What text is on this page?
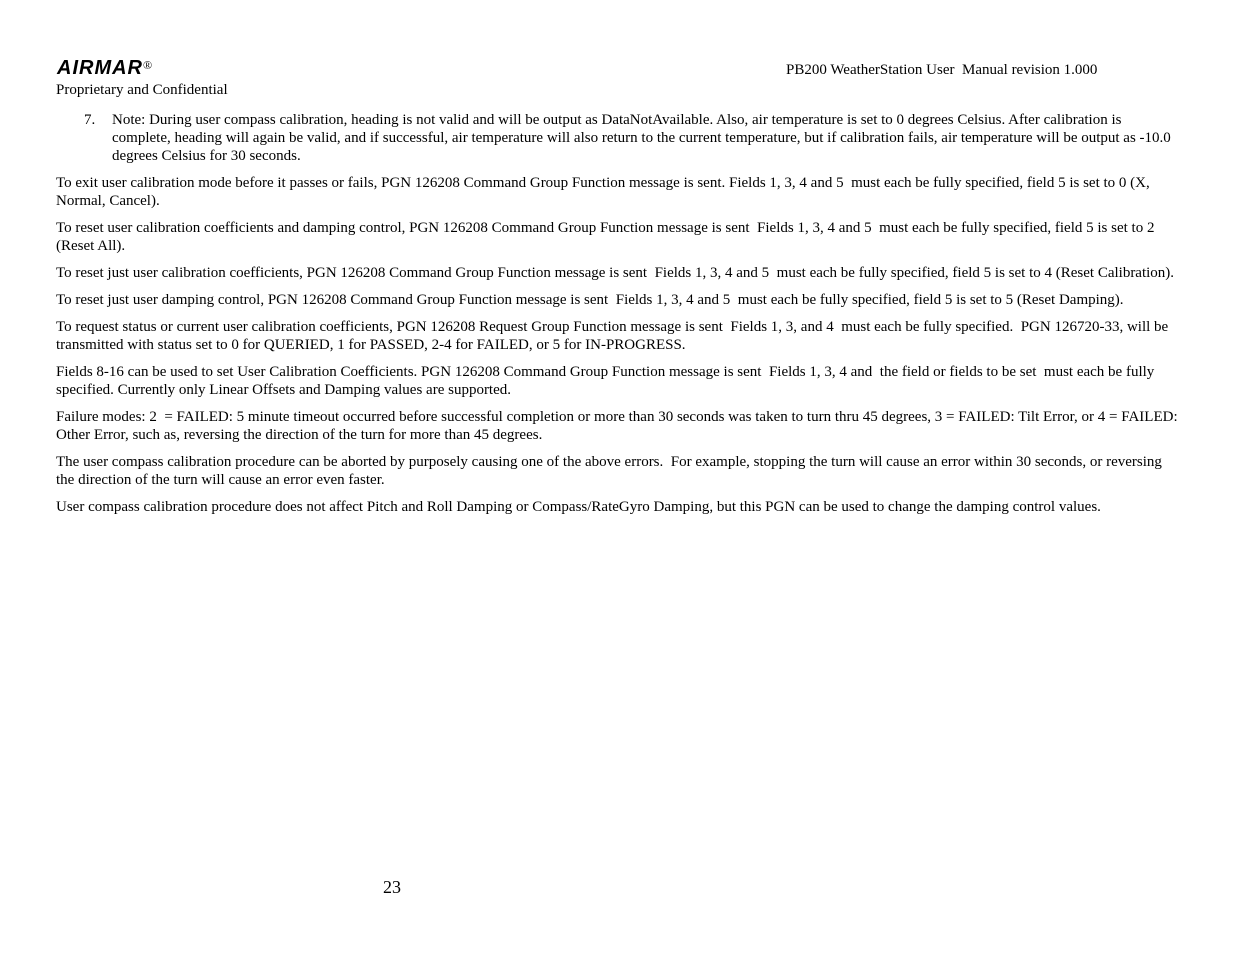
AIRMAR®	PB200 WeatherStation User  Manual revision 1.000
Proprietary and Confidential
7. Note: During user compass calibration, heading is not valid and will be output as DataNotAvailable. Also, air temperature is set to 0 degrees Celsius. After calibration is complete, heading will again be valid, and if successful, air temperature will also return to the current temperature, but if calibration fails, air temperature will be output as -10.0 degrees Celsius for 30 seconds.

To exit user calibration mode before it passes or fails, PGN 126208 Command Group Function message is sent. Fields 1, 3, 4 and 5  must each be fully specified, field 5 is set to 0 (X, Normal, Cancel).

To reset user calibration coefficients and damping control, PGN 126208 Command Group Function message is sent  Fields 1, 3, 4 and 5  must each be fully specified, field 5 is set to 2 (Reset All).

To reset just user calibration coefficients, PGN 126208 Command Group Function message is sent  Fields 1, 3, 4 and 5  must each be fully specified, field 5 is set to 4 (Reset Calibration).

To reset just user damping control, PGN 126208 Command Group Function message is sent  Fields 1, 3, 4 and 5  must each be fully specified, field 5 is set to 5 (Reset Damping).

To request status or current user calibration coefficients, PGN 126208 Request Group Function message is sent  Fields 1, 3, and 4  must each be fully specified.  PGN 126720-33, will be transmitted with status set to 0 for QUERIED, 1 for PASSED, 2-4 for FAILED, or 5 for IN-PROGRESS.

Fields 8-16 can be used to set User Calibration Coefficients. PGN 126208 Command Group Function message is sent  Fields 1, 3, 4 and  the field or fields to be set  must each be fully specified. Currently only Linear Offsets and Damping values are supported.

Failure modes: 2  = FAILED: 5 minute timeout occurred before successful completion or more than 30 seconds was taken to turn thru 45 degrees, 3 = FAILED: Tilt Error, or 4 = FAILED: Other Error, such as, reversing the direction of the turn for more than 45 degrees.

The user compass calibration procedure can be aborted by purposely causing one of the above errors.  For example, stopping the turn will cause an error within 30 seconds, or reversing the direction of the turn will cause an error even faster.

User compass calibration procedure does not affect Pitch and Roll Damping or Compass/RateGyro Damping, but this PGN can be used to change the damping control values.

23
